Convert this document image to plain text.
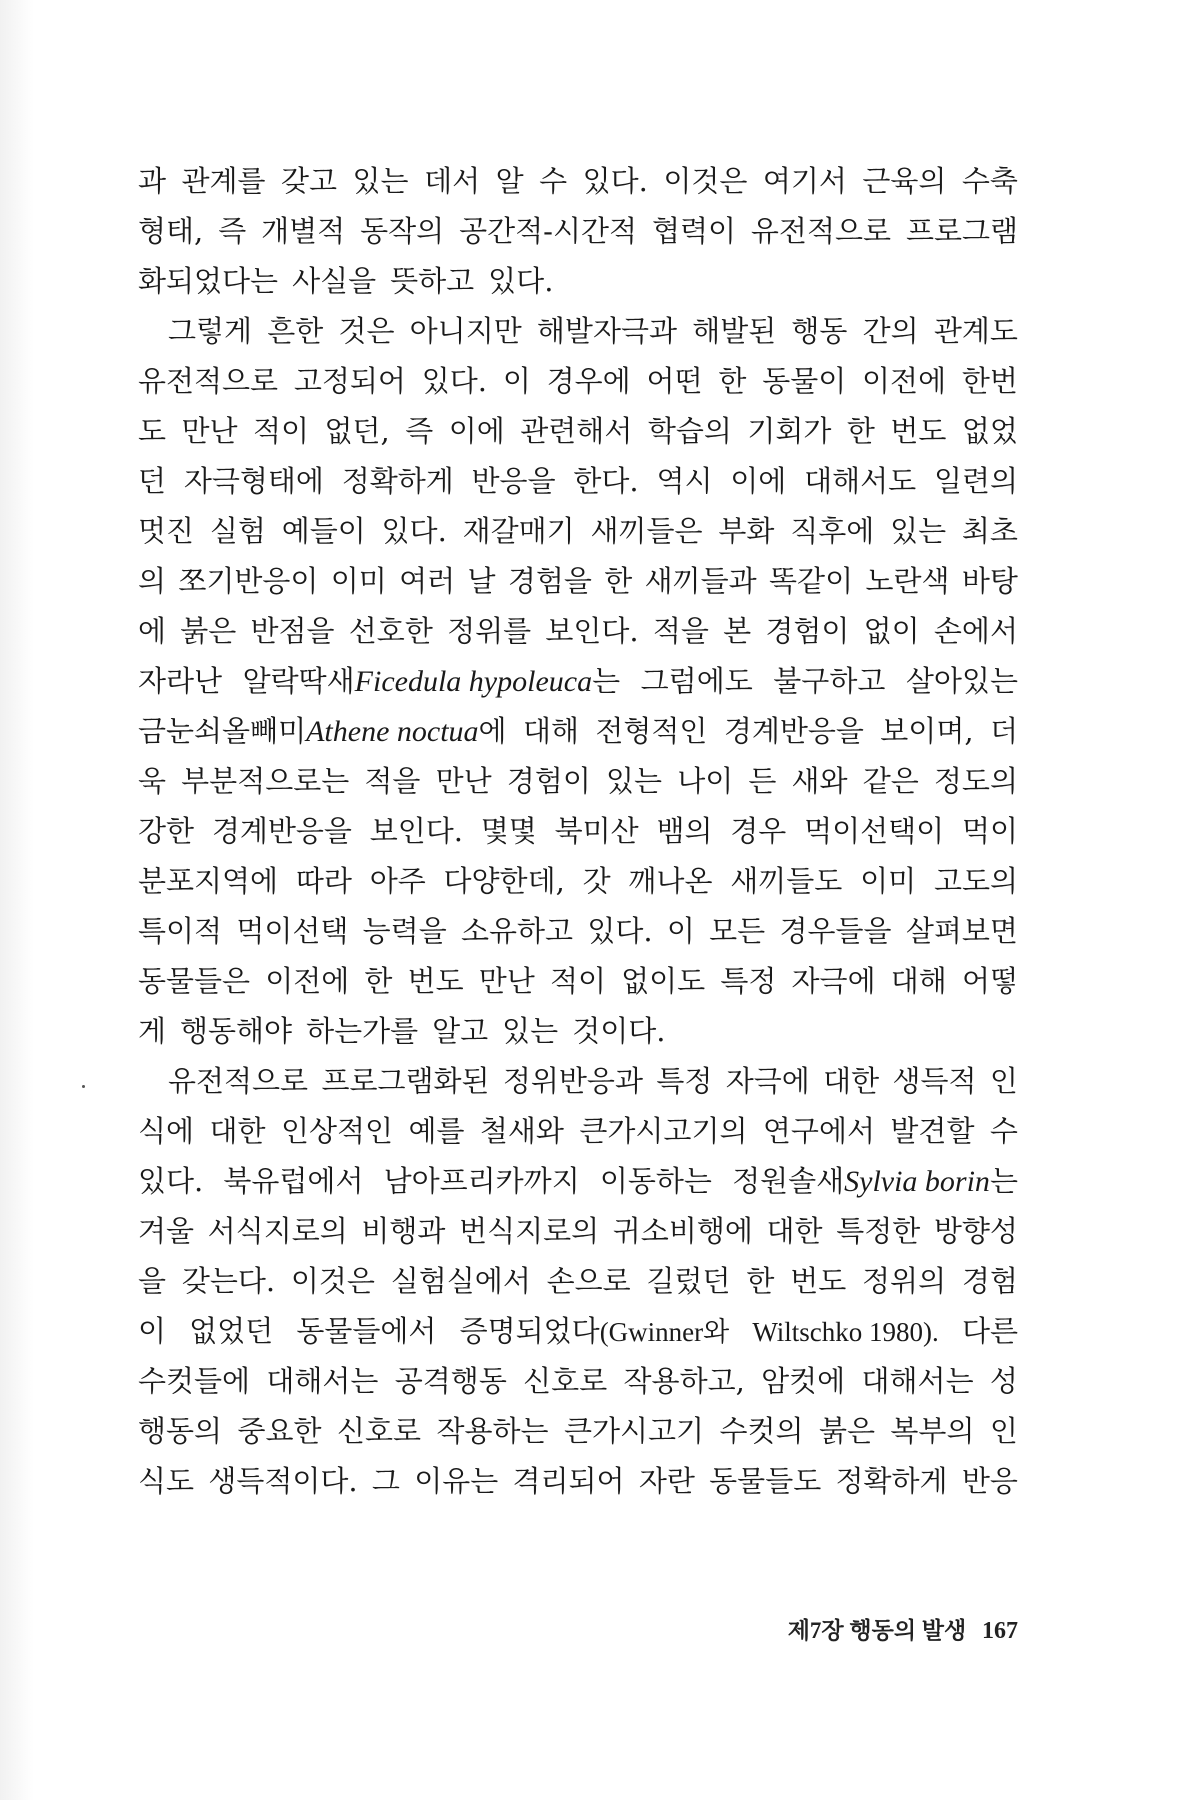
과 관계를 갖고 있는 데서 알 수 있다. 이것은 여기서 근육의 수축
형태, 즉 개별적 동작의 공간적-시간적 협력이 유전적으로 프로그램
화되었다는 사실을 뜻하고 있다.
그렇게 흔한 것은 아니지만 해발자극과 해발된 행동 간의 관계도
유전적으로 고정되어 있다. 이 경우에 어떤 한 동물이 이전에 한번
도 만난 적이 없던, 즉 이에 관련해서 학습의 기회가 한 번도 없었
던 자극형태에 정확하게 반응을 한다. 역시 이에 대해서도 일련의
멋진 실험 예들이 있다. 재갈매기 새끼들은 부화 직후에 있는 최초
의 쪼기반응이 이미 여러 날 경험을 한 새끼들과 똑같이 노란색 바탕
에 붉은 반점을 선호한 정위를 보인다. 적을 본 경험이 없이 손에서
자라난 알락딱새Ficedula hypoleuca는 그럼에도 불구하고 살아있는
금눈쇠올빼미Athene noctua에 대해 전형적인 경계반응을 보이며, 더
욱 부분적으로는 적을 만난 경험이 있는 나이 든 새와 같은 정도의
강한 경계반응을 보인다. 몇몇 북미산 뱀의 경우 먹이선택이 먹이
분포지역에 따라 아주 다양한데, 갓 깨나온 새끼들도 이미 고도의
특이적 먹이선택 능력을 소유하고 있다. 이 모든 경우들을 살펴보면
동물들은 이전에 한 번도 만난 적이 없이도 특정 자극에 대해 어떻
게 행동해야 하는가를 알고 있는 것이다.
유전적으로 프로그램화된 정위반응과 특정 자극에 대한 생득적 인
식에 대한 인상적인 예를 철새와 큰가시고기의 연구에서 발견할 수
있다. 북유럽에서 남아프리카까지 이동하는 정원솔새Sylvia borin는
겨울 서식지로의 비행과 번식지로의 귀소비행에 대한 특정한 방향성
을 갖는다. 이것은 실험실에서 손으로 길렀던 한 번도 정위의 경험
이 없었던 동물들에서 증명되었다(Gwinner와 Wiltschko 1980). 다른
수컷들에 대해서는 공격행동 신호로 작용하고, 암컷에 대해서는 성
행동의 중요한 신호로 작용하는 큰가시고기 수컷의 붉은 복부의 인
식도 생득적이다. 그 이유는 격리되어 자란 동물들도 정확하게 반응
제7장 행동의 발생 167
